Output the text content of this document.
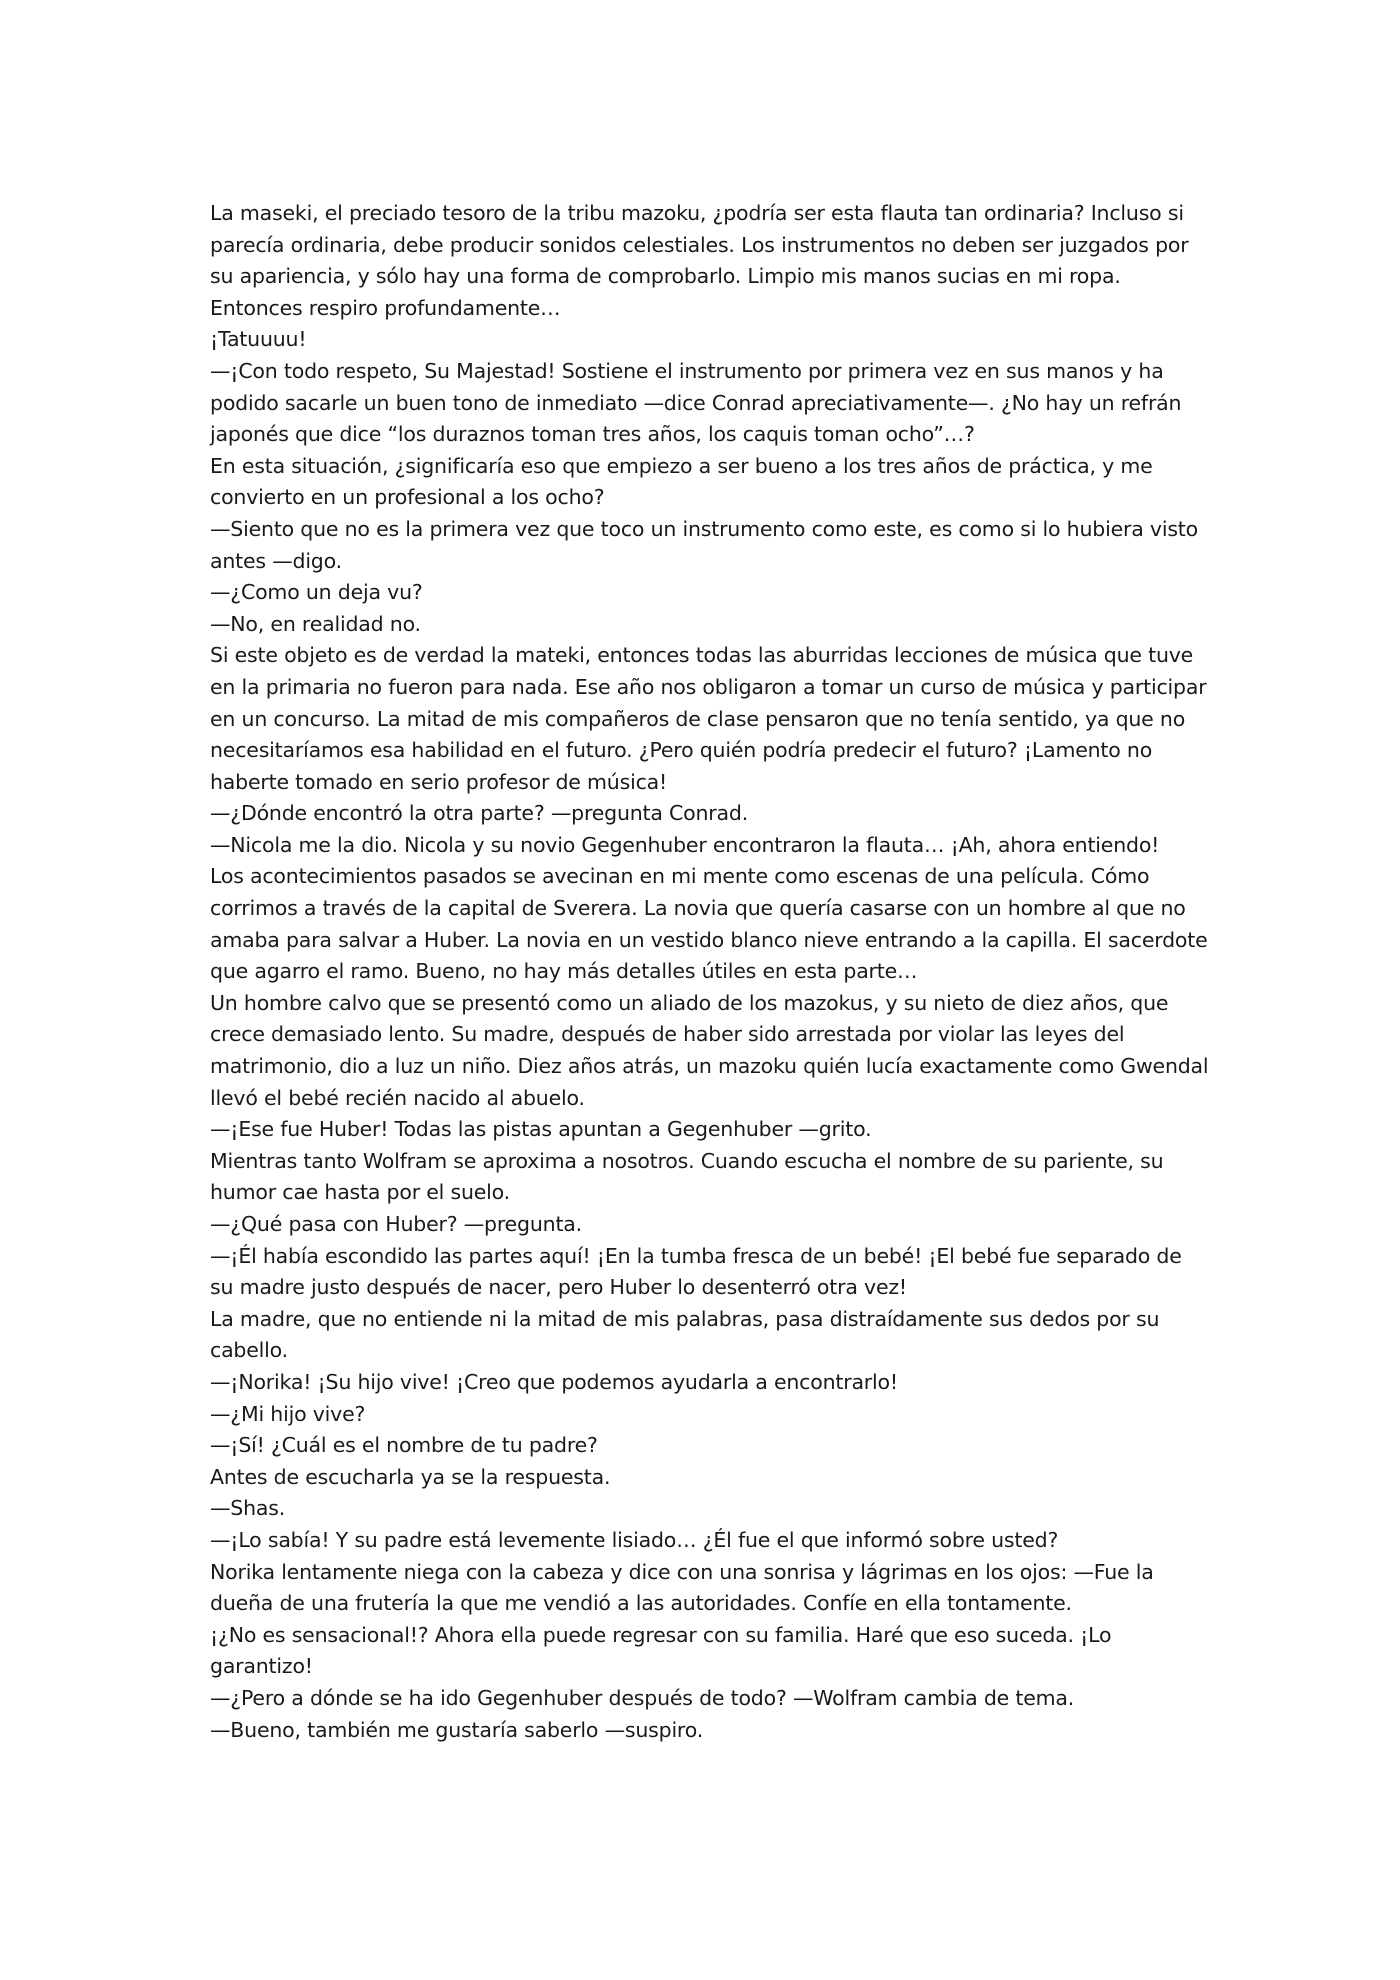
La maseki, el preciado tesoro de la tribu mazoku, ¿podría ser esta flauta tan ordinaria? Incluso si parecía ordinaria, debe producir sonidos celestiales. Los instrumentos no deben ser juzgados por su apariencia, y sólo hay una forma de comprobarlo. Limpio mis manos sucias en mi ropa. Entonces respiro profundamente…

¡Tatuuuu!

—¡Con todo respeto, Su Majestad! Sostiene el instrumento por primera vez en sus manos y ha podido sacarle un buen tono de inmediato —dice Conrad apreciativamente—. ¿No hay un refrán japonés que dice “los duraznos toman tres años, los caquis toman ocho”…?

En esta situación, ¿significaría eso que empiezo a ser bueno a los tres años de práctica, y me convierto en un profesional a los ocho?

—Siento que no es la primera vez que toco un instrumento como este, es como si lo hubiera visto antes —digo.

—¿Como un deja vu?

—No, en realidad no.

Si este objeto es de verdad la mateki, entonces todas las aburridas lecciones de música que tuve en la primaria no fueron para nada. Ese año nos obligaron a tomar un curso de música y participar en un concurso. La mitad de mis compañeros de clase pensaron que no tenía sentido, ya que no necesitaríamos esa habilidad en el futuro. ¿Pero quién podría predecir el futuro? ¡Lamento no haberte tomado en serio profesor de música!

—¿Dónde encontró la otra parte? —pregunta Conrad.

—Nicola me la dio. Nicola y su novio Gegenhuber encontraron la flauta… ¡Ah, ahora entiendo!

Los acontecimientos pasados se avecinan en mi mente como escenas de una película. Cómo corrimos a través de la capital de Sverera. La novia que quería casarse con un hombre al que no amaba para salvar a Huber. La novia en un vestido blanco nieve entrando a la capilla. El sacerdote que agarro el ramo. Bueno, no hay más detalles útiles en esta parte…

Un hombre calvo que se presentó como un aliado de los mazokus, y su nieto de diez años, que crece demasiado lento. Su madre, después de haber sido arrestada por violar las leyes del matrimonio, dio a luz un niño. Diez años atrás, un mazoku quién lucía exactamente como Gwendal llevó el bebé recién nacido al abuelo.

—¡Ese fue Huber! Todas las pistas apuntan a Gegenhuber —grito.

Mientras tanto Wolfram se aproxima a nosotros. Cuando escucha el nombre de su pariente, su humor cae hasta por el suelo.

—¿Qué pasa con Huber? —pregunta.

—¡Él había escondido las partes aquí! ¡En la tumba fresca de un bebé! ¡El bebé fue separado de su madre justo después de nacer, pero Huber lo desenterró otra vez!

La madre, que no entiende ni la mitad de mis palabras, pasa distraídamente sus dedos por su cabello.

—¡Norika! ¡Su hijo vive! ¡Creo que podemos ayudarla a encontrarlo!

—¿Mi hijo vive?

—¡Sí! ¿Cuál es el nombre de tu padre?

Antes de escucharla ya se la respuesta.

—Shas.

—¡Lo sabía! Y su padre está levemente lisiado… ¿Él fue el que informó sobre usted?

Norika lentamente niega con la cabeza y dice con una sonrisa y lágrimas en los ojos: —Fue la dueña de una frutería la que me vendió a las autoridades. Confíe en ella tontamente.

¡¿No es sensacional!? Ahora ella puede regresar con su familia. Haré que eso suceda. ¡Lo garantizo!

—¿Pero a dónde se ha ido Gegenhuber después de todo? —Wolfram cambia de tema.

—Bueno, también me gustaría saberlo —suspiro.
